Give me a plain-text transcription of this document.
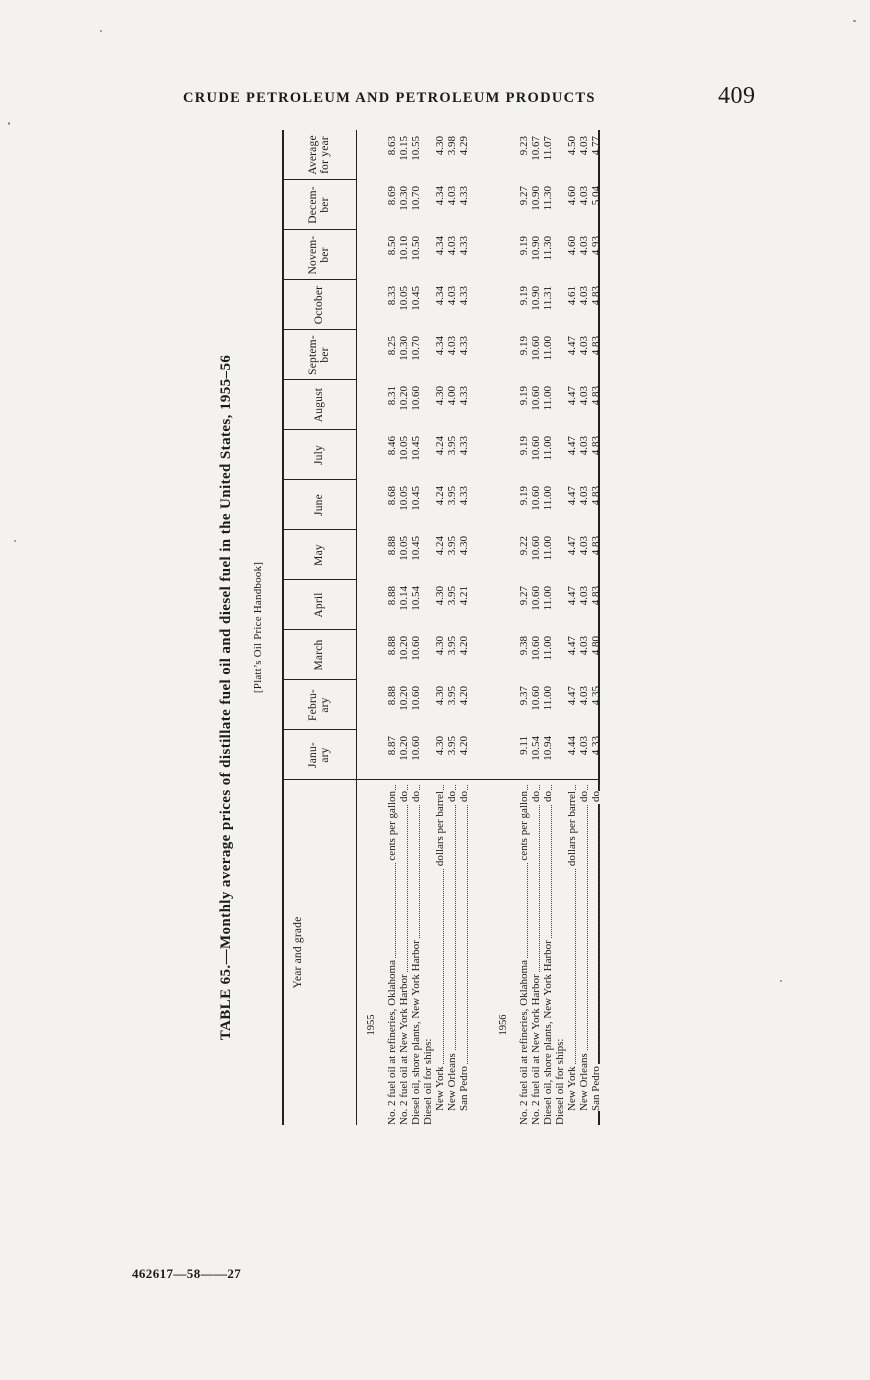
CRUDE PETROLEUM AND PETROLEUM PRODUCTS	409
TABLE 65.—Monthly average prices of distillate fuel oil and diesel fuel in the United States, 1955–56 [Platt’s Oil Price Handbook]
1955 No. 2 fuel oil at refineries, Oklahoma
cents per gallon
8.87
8.88
8.88
8.88
8.88
8.68
8.46
8.31
8.25
8.33
8.50
8.69
8.63
No. 2 fuel oil at New York Harbor
do
10.20
10.20
10.20
10.14
10.05
10.05
10.05
10.20
10.30
10.05
10.10
10.30
10.15
Diesel oil, shore plants, New York Harbor
do
10.60
10.60
10.60
10.54
10.45
10.45
10.45
10.60
10.70
10.45
10.50
10.70
10.55
Diesel oil for ships: New York
dollars per barrel
4.30
4.30
4.30
4.30
4.24
4.24
4.24
4.30
4.34
4.34
4.34
4.34
4.30
New Orleans
do
3.95
3.95
3.95
3.95
3.95
3.95
3.95
4.00
4.03
4.03
4.03
4.03
3.98
San Pedro
do
4.20
4.20
4.20
4.21
4.30
4.33
4.33
4.33
4.33
4.33
4.33
4.33
4.29
1956 No. 2 fuel oil at refineries, Oklahoma
cents per gallon
9.11
9.37
9.38
9.27
9.22
9.19
9.19
9.19
9.19
9.19
9.19
9.27
9.23
No. 2 fuel oil at New York Harbor
do
10.54
10.60
10.60
10.60
10.60
10.60
10.60
10.60
10.60
10.90
10.90
10.90
10.67
Diesel oil, shore plants, New York Harbor
do
10.94
11.00
11.00
11.00
11.00
11.00
11.00
11.00
11.00
11.31
11.30
11.30
11.07
Diesel oil for ships: New York
dollars per barrel
4.44
4.47
4.47
4.47
4.47
4.47
4.47
4.47
4.47
4.61
4.60
4.60
4.50
New Orleans
do
4.03
4.03
4.03
4.03
4.03
4.03
4.03
4.03
4.03
4.03
4.03
4.03
4.03
San Pedro
do
4.33
4.35
4.80
4.83
4.83
4.83
4.83
4.83
4.83
4.83
4.93
5.04
4.77
Year and grade
Janu-
ary
Febru-
ary
March
April
May
June
July
August
Septem-
ber
October
Novem-
ber
Decem-
ber
Average
for year
462617—58——27
